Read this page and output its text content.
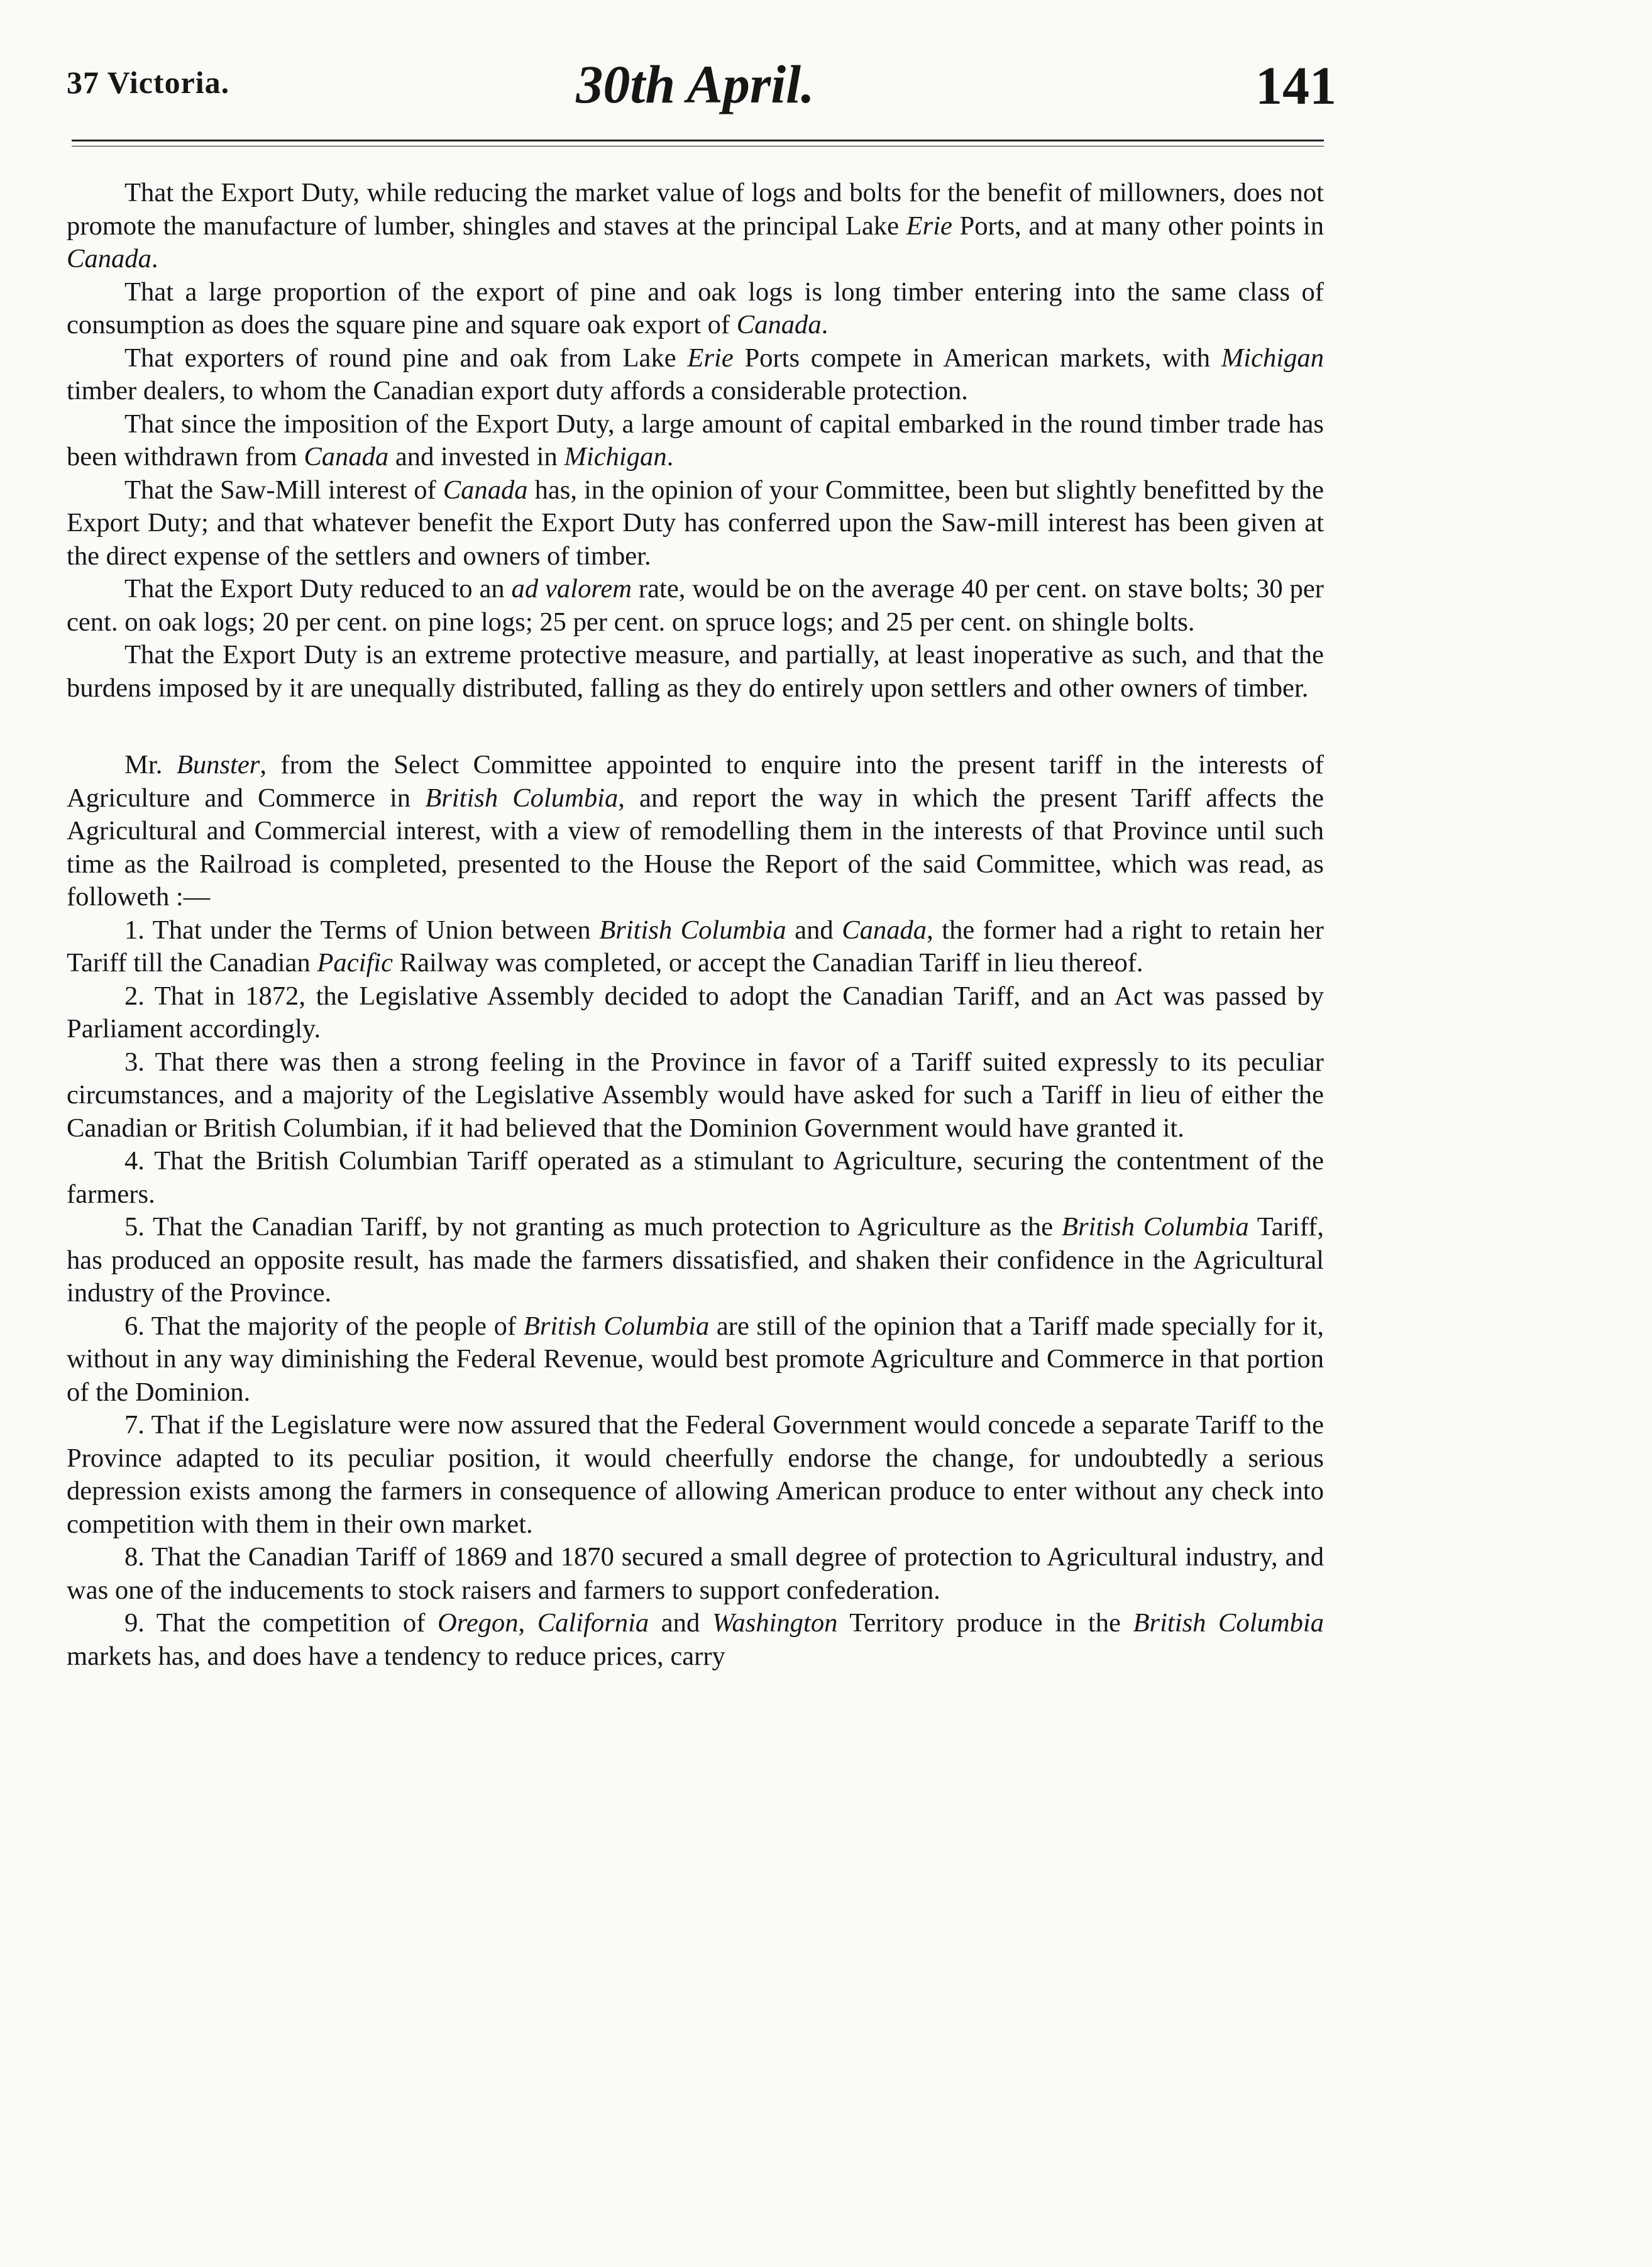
37 Victoria.	30th April.	141

That the Export Duty, while reducing the market value of logs and bolts for the benefit of millowners, does not promote the manufacture of lumber, shingles and staves at the principal Lake Erie Ports, and at many other points in Canada.

That a large proportion of the export of pine and oak logs is long timber entering into the same class of consumption as does the square pine and square oak export of Canada.

That exporters of round pine and oak from Lake Erie Ports compete in American markets, with Michigan timber dealers, to whom the Canadian export duty affords a considerable protection.

That since the imposition of the Export Duty, a large amount of capital embarked in the round timber trade has been withdrawn from Canada and invested in Michigan.

That the Saw-Mill interest of Canada has, in the opinion of your Committee, been but slightly benefitted by the Export Duty; and that whatever benefit the Export Duty has conferred upon the Saw-mill interest has been given at the direct expense of the settlers and owners of timber.

That the Export Duty reduced to an ad valorem rate, would be on the average 40 per cent. on stave bolts; 30 per cent. on oak logs; 20 per cent. on pine logs; 25 per cent. on spruce logs; and 25 per cent. on shingle bolts.

That the Export Duty is an extreme protective measure, and partially, at least inoperative as such, and that the burdens imposed by it are unequally distributed, falling as they do entirely upon settlers and other owners of timber.

Mr. Bunster, from the Select Committee appointed to enquire into the present tariff in the interests of Agriculture and Commerce in British Columbia, and report the way in which the present Tariff affects the Agricultural and Commercial interest, with a view of remodelling them in the interests of that Province until such time as the Railroad is completed, presented to the House the Report of the said Committee, which was read, as followeth :—

1. That under the Terms of Union between British Columbia and Canada, the former had a right to retain her Tariff till the Canadian Pacific Railway was completed, or accept the Canadian Tariff in lieu thereof.

2. That in 1872, the Legislative Assembly decided to adopt the Canadian Tariff, and an Act was passed by Parliament accordingly.

3. That there was then a strong feeling in the Province in favor of a Tariff suited expressly to its peculiar circumstances, and a majority of the Legislative Assembly would have asked for such a Tariff in lieu of either the Canadian or British Columbian, if it had believed that the Dominion Government would have granted it.

4. That the British Columbian Tariff operated as a stimulant to Agriculture, securing the contentment of the farmers.

5. That the Canadian Tariff, by not granting as much protection to Agriculture as the British Columbia Tariff, has produced an opposite result, has made the farmers dissatisfied, and shaken their confidence in the Agricultural industry of the Province.

6. That the majority of the people of British Columbia are still of the opinion that a Tariff made specially for it, without in any way diminishing the Federal Revenue, would best promote Agriculture and Commerce in that portion of the Dominion.

7. That if the Legislature were now assured that the Federal Government would concede a separate Tariff to the Province adapted to its peculiar position, it would cheerfully endorse the change, for undoubtedly a serious depression exists among the farmers in consequence of allowing American produce to enter without any check into competition with them in their own market.

8. That the Canadian Tariff of 1869 and 1870 secured a small degree of protection to Agricultural industry, and was one of the inducements to stock raisers and farmers to support confederation.

9. That the competition of Oregon, California and Washington Territory produce in the British Columbia markets has, and does have a tendency to reduce prices, carry
